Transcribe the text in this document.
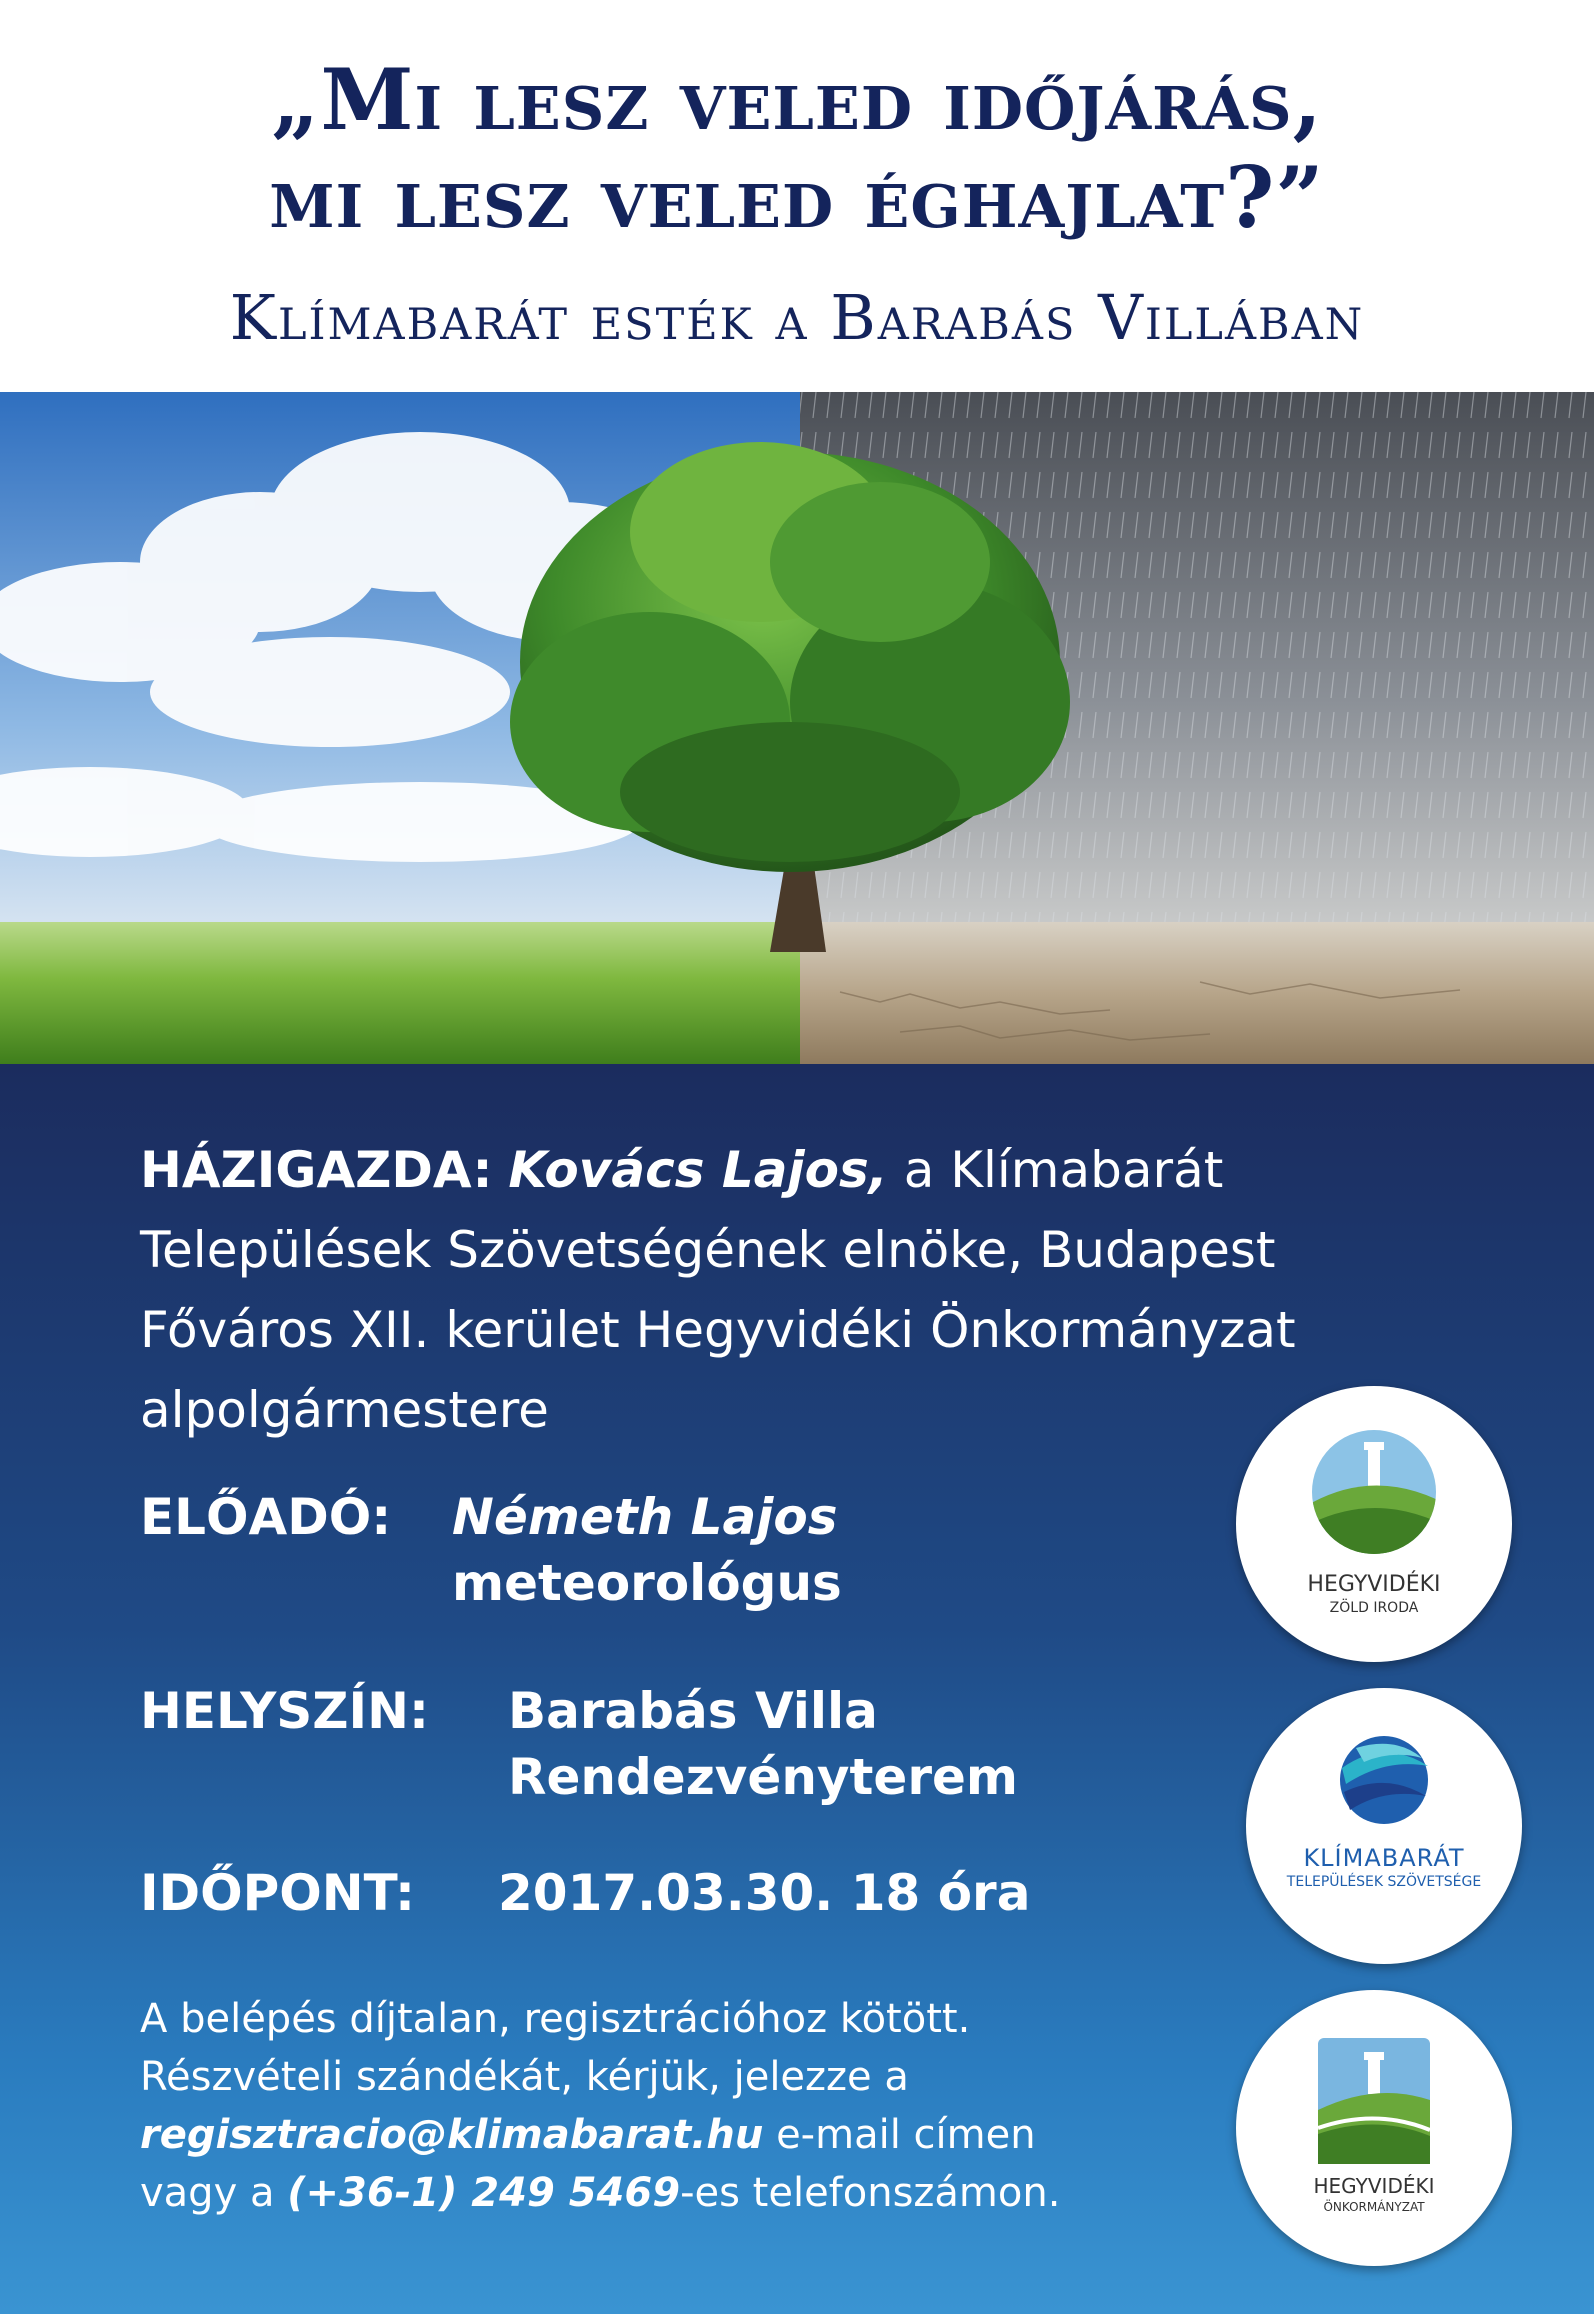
„Mi lesz veled időjárás,
mi lesz veled éghajlat?”
Klímabarát esték a Barabás Villában
HÁZIGAZDA: Kovács Lajos, a Klímabarát
Települések Szövetségének elnöke, Budapest
Főváros XII. kerület Hegyvidéki Önkormányzat
alpolgármestere
ELŐADÓ: Németh Lajos
meteorológus
HELYSZÍN: Barabás Villa
Rendezvényterem
IDŐPONT: 2017.03.30. 18 óra
A belépés díjtalan, regisztrációhoz kötött.
Részvételi szándékát, kérjük, jelezze a
regisztracio@klimabarat.hu e-mail címen
vagy a (+36-1) 249 5469-es telefonszámon.
HEGYVIDÉKI
ZÖLD IRODA
KLÍMABARÁT
TELEPÜLÉSEK SZÖVETSÉGE
HEGYVIDÉKI
ÖNKORMÁNYZAT
